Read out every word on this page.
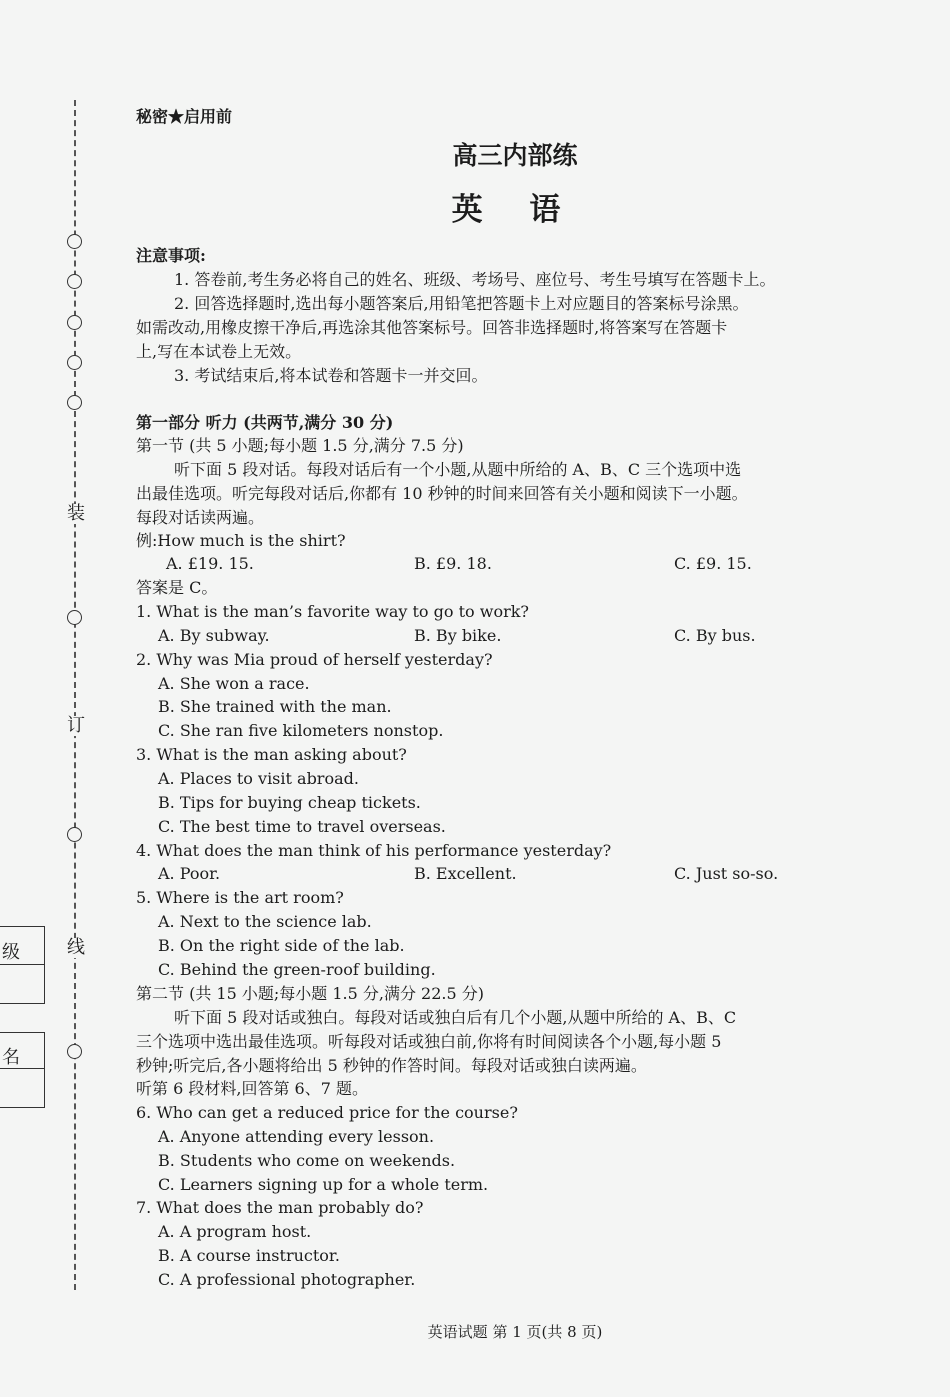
装
订
线
级
名
秘密★启用前
高三内部练
英 语
注意事项:
1. 答卷前,考生务必将自己的姓名、班级、考场号、座位号、考生号填写在答题卡上。
2. 回答选择题时,选出每小题答案后,用铅笔把答题卡上对应题目的答案标号涂黑。
如需改动,用橡皮擦干净后,再选涂其他答案标号。回答非选择题时,将答案写在答题卡
上,写在本试卷上无效。
3. 考试结束后,将本试卷和答题卡一并交回。
第一部分 听力 (共两节,满分 30 分)
第一节 (共 5 小题;每小题 1.5 分,满分 7.5 分)
听下面 5 段对话。每段对话后有一个小题,从题中所给的 A、B、C 三个选项中选
出最佳选项。听完每段对话后,你都有 10 秒钟的时间来回答有关小题和阅读下一小题。
每段对话读两遍。
例:How much is the shirt?
A. £19. 15.	B. £9. 18.	C. £9. 15.
答案是 C。
1. What is the man’s favorite way to go to work?
A. By subway.	B. By bike.	C. By bus.
2. Why was Mia proud of herself yesterday?
A. She won a race.
B. She trained with the man.
C. She ran five kilometers nonstop.
3. What is the man asking about?
A. Places to visit abroad.
B. Tips for buying cheap tickets.
C. The best time to travel overseas.
4. What does the man think of his performance yesterday?
A. Poor.	B. Excellent.	C. Just so-so.
5. Where is the art room?
A. Next to the science lab.
B. On the right side of the lab.
C. Behind the green-roof building.
第二节 (共 15 小题;每小题 1.5 分,满分 22.5 分)
听下面 5 段对话或独白。每段对话或独白后有几个小题,从题中所给的 A、B、C
三个选项中选出最佳选项。听每段对话或独白前,你将有时间阅读各个小题,每小题 5
秒钟;听完后,各小题将给出 5 秒钟的作答时间。每段对话或独白读两遍。
听第 6 段材料,回答第 6、7 题。
6. Who can get a reduced price for the course?
A. Anyone attending every lesson.
B. Students who come on weekends.
C. Learners signing up for a whole term.
7. What does the man probably do?
A. A program host.
B. A course instructor.
C. A professional photographer.
英语试题 第 1 页(共 8 页)
